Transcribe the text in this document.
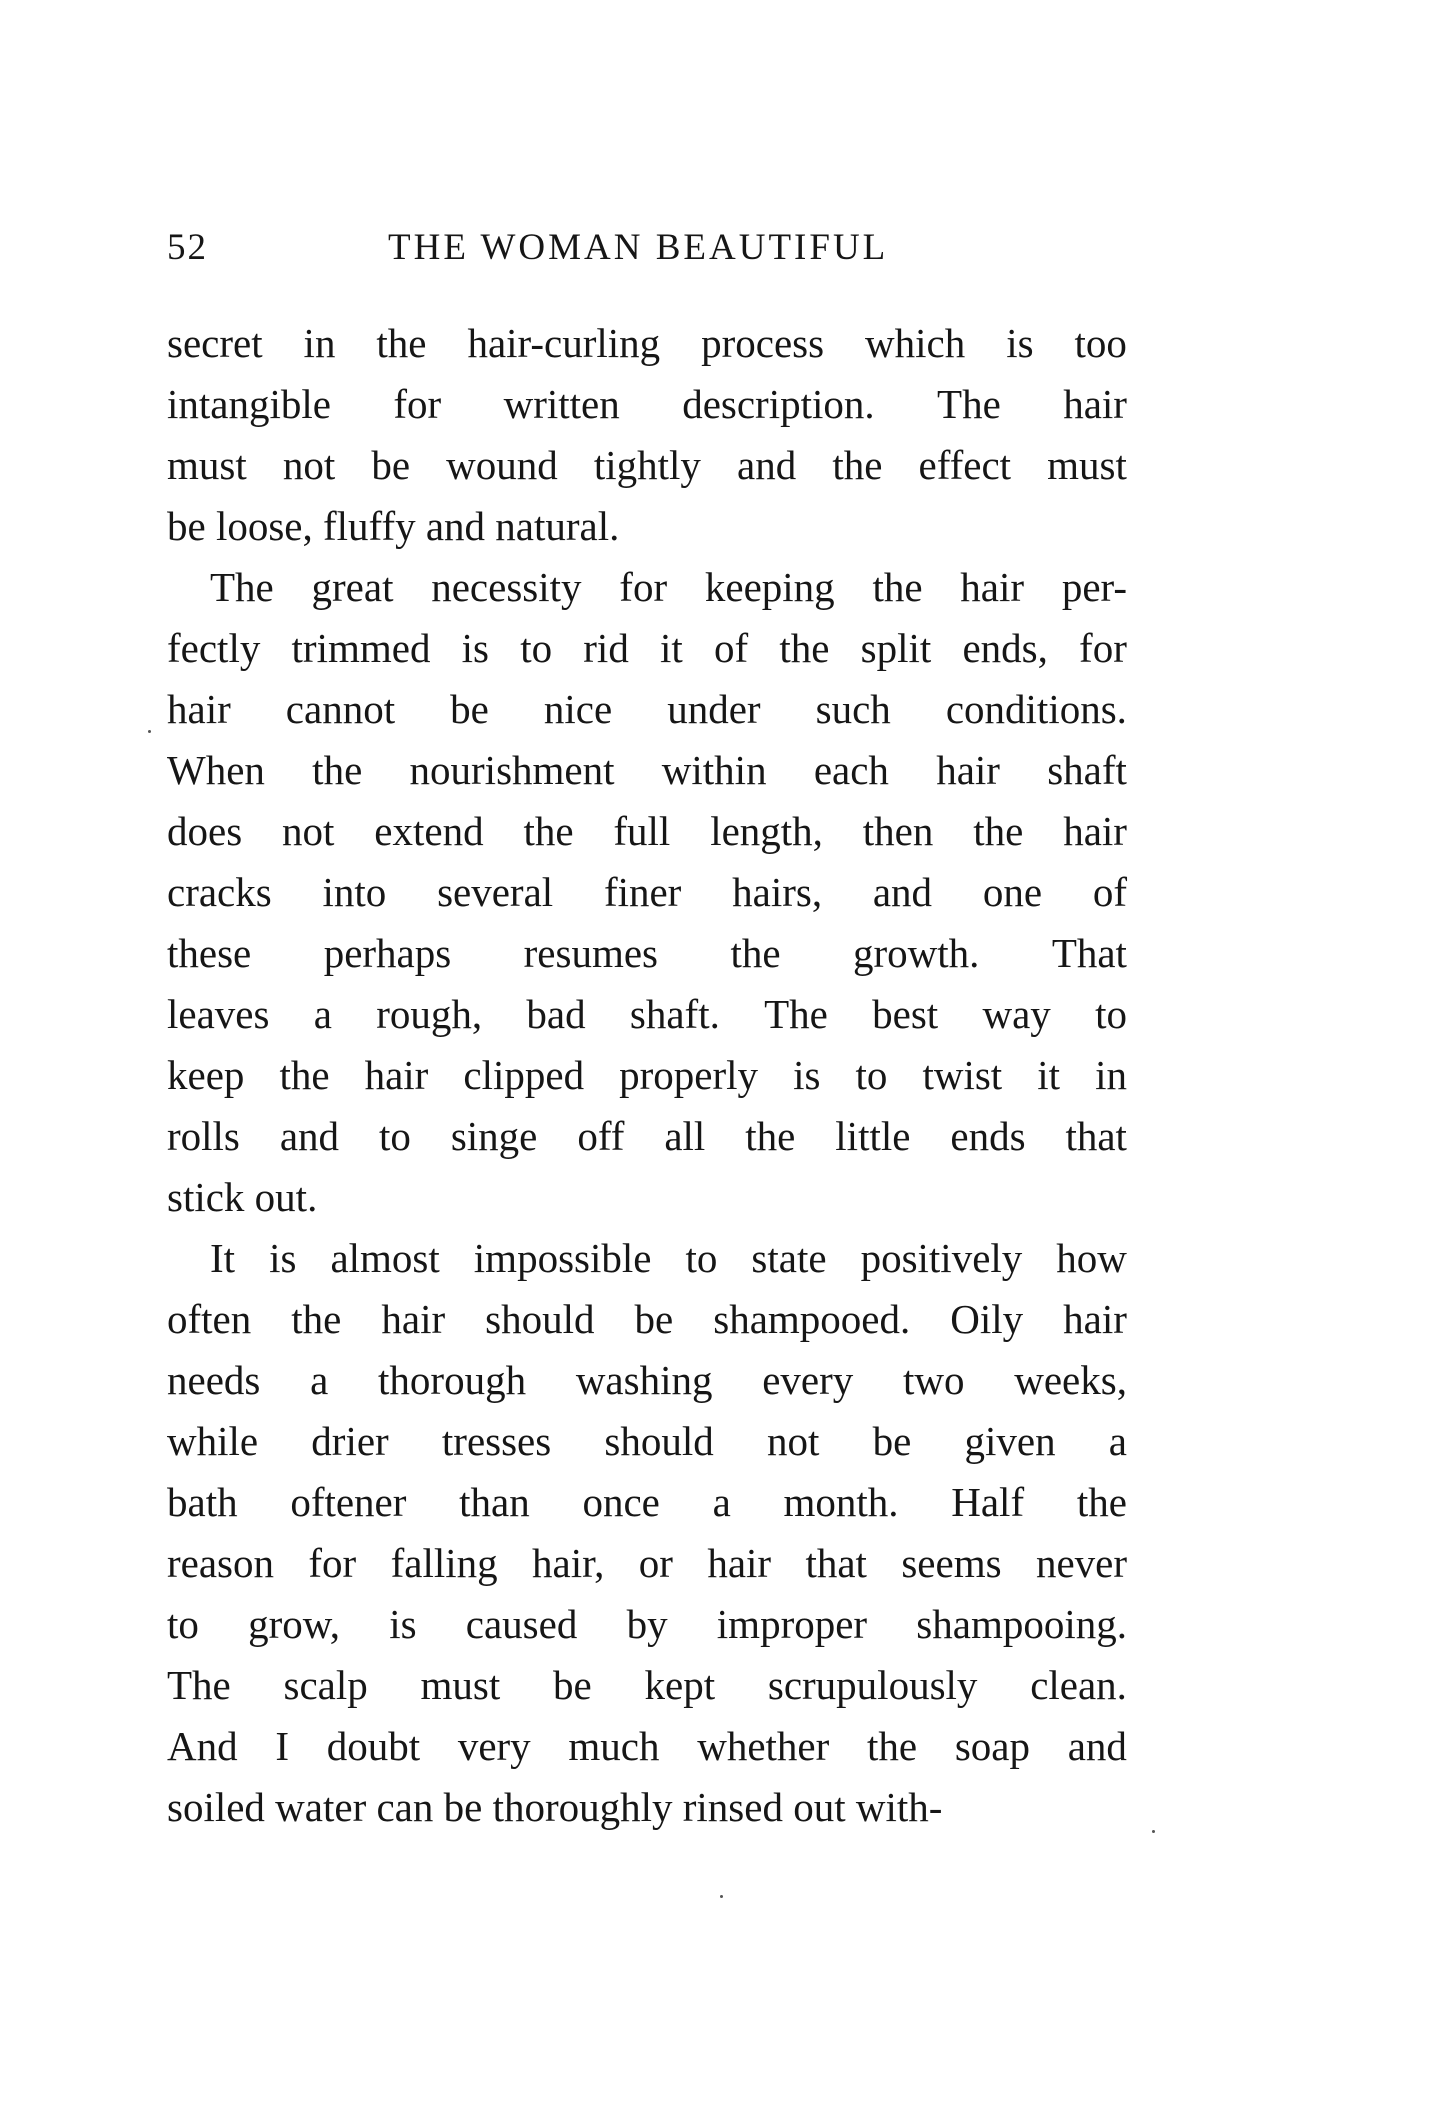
52	THE WOMAN BEAUTIFUL
secret in the hair-curling process which is too
intangible for written description. The hair
must not be wound tightly and the effect must
be loose, fluffy and natural.
The great necessity for keeping the hair per-
fectly trimmed is to rid it of the split ends, for
hair cannot be nice under such conditions.
When the nourishment within each hair shaft
does not extend the full length, then the hair
cracks into several finer hairs, and one of
these perhaps resumes the growth. That
leaves a rough, bad shaft. The best way to
keep the hair clipped properly is to twist it in
rolls and to singe off all the little ends that
stick out.
It is almost impossible to state positively how
often the hair should be shampooed. Oily hair
needs a thorough washing every two weeks,
while drier tresses should not be given a
bath oftener than once a month. Half the
reason for falling hair, or hair that seems never
to grow, is caused by improper shampooing.
The scalp must be kept scrupulously clean.
And I doubt very much whether the soap and
soiled water can be thoroughly rinsed out with-
